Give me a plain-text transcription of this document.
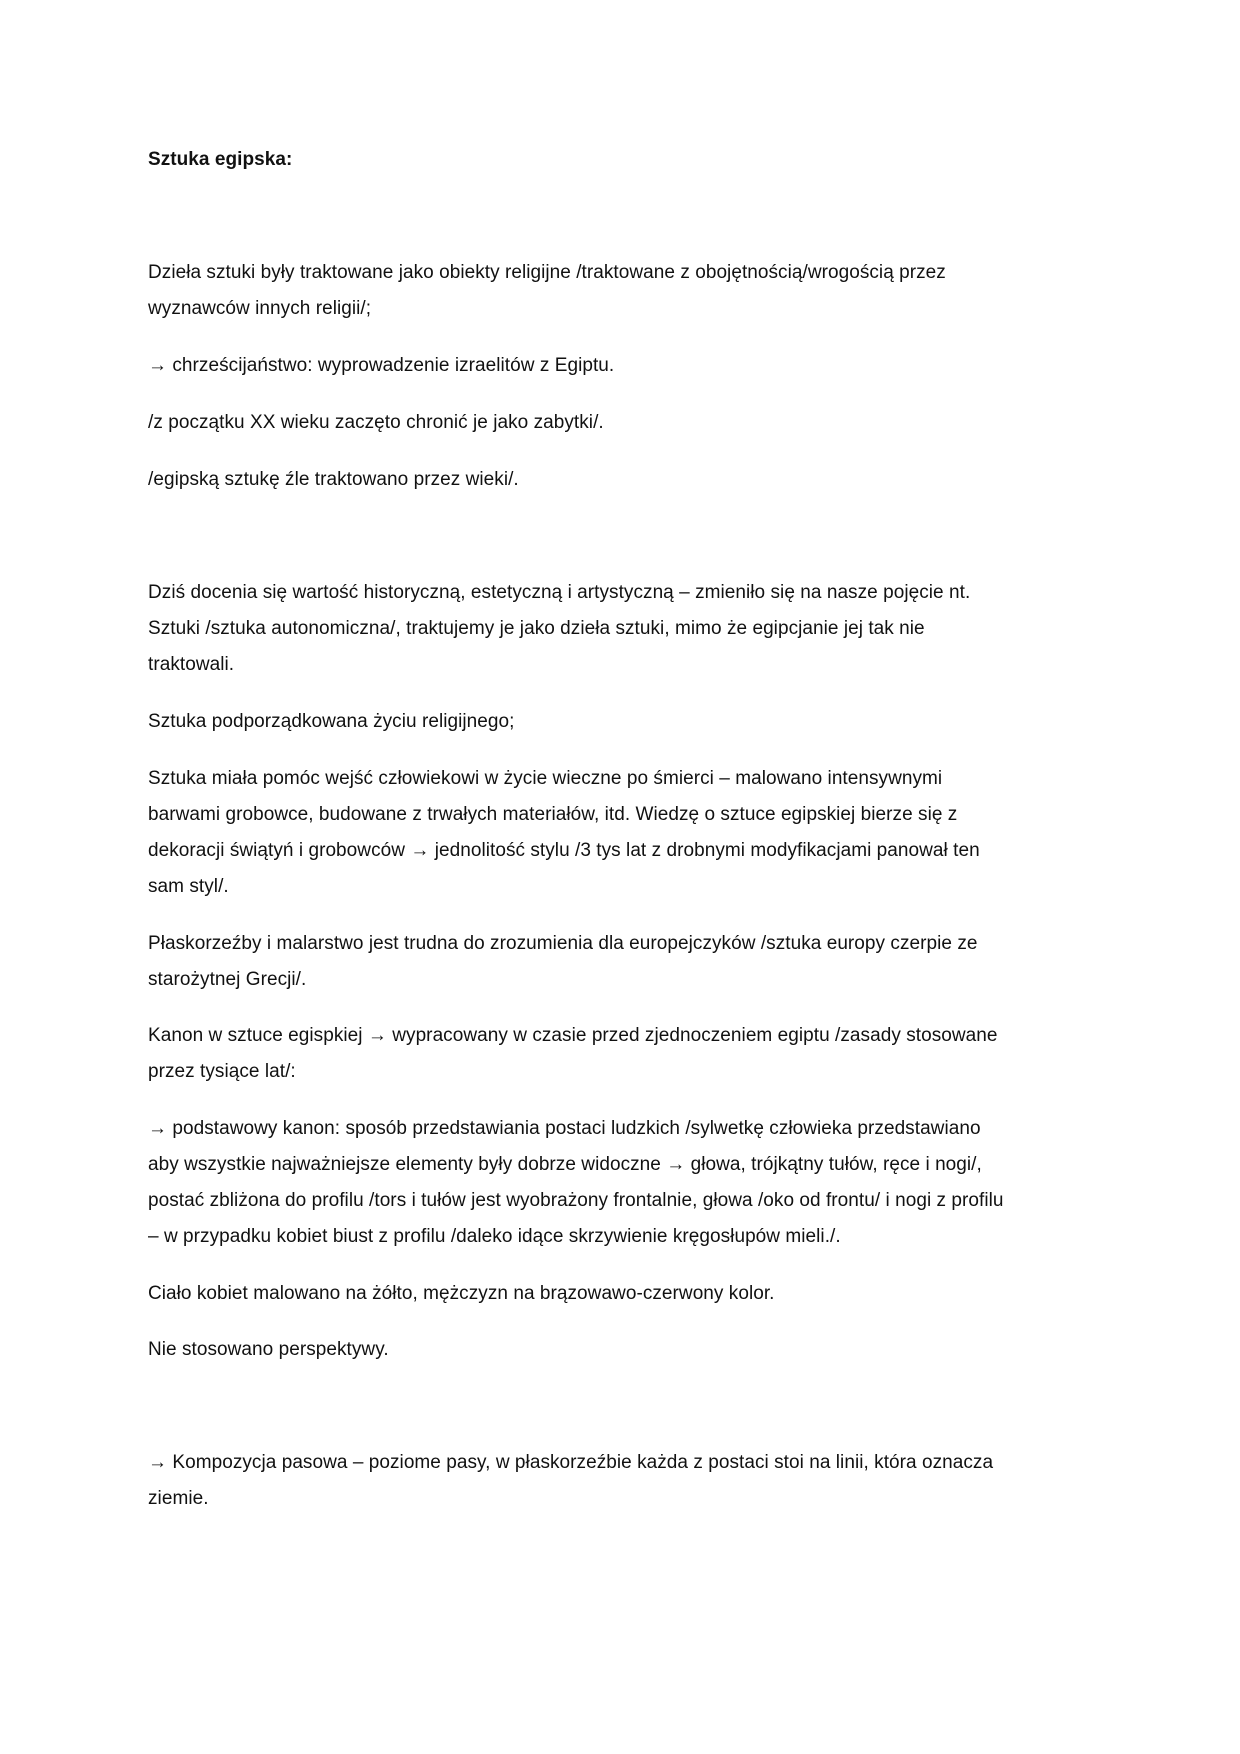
Sztuka egipska:

Dzieła sztuki były traktowane jako obiekty religijne /traktowane z obojętnością/wrogością przez

wyznawców innych religii/;

→ chrześcijaństwo: wyprowadzenie izraelitów z Egiptu.

/z początku XX wieku zaczęto chronić je jako zabytki/.

/egipską sztukę źle traktowano przez wieki/.

Dziś docenia się wartość historyczną, estetyczną i artystyczną – zmieniło się na nasze pojęcie nt.

Sztuki /sztuka autonomiczna/, traktujemy je jako dzieła sztuki, mimo że egipcjanie jej tak nie

traktowali.

Sztuka podporządkowana życiu religijnego;

Sztuka miała pomóc wejść człowiekowi w życie wieczne po śmierci – malowano intensywnymi

barwami grobowce, budowane z trwałych materiałów, itd. Wiedzę o sztuce egipskiej bierze się z

dekoracji świątyń i grobowców → jednolitość stylu /3 tys lat z drobnymi modyfikacjami panował ten

sam styl/.

Płaskorzeźby i malarstwo jest trudna do zrozumienia dla europejczyków /sztuka europy czerpie ze

starożytnej Grecji/.

Kanon w sztuce egispkiej → wypracowany w czasie przed zjednoczeniem egiptu /zasady stosowane

przez tysiące lat/:

→ podstawowy kanon: sposób przedstawiania postaci ludzkich /sylwetkę człowieka przedstawiano

aby wszystkie najważniejsze elementy były dobrze widoczne → głowa, trójkątny tułów, ręce i nogi/,

postać zbliżona do profilu /tors i tułów jest wyobrażony frontalnie, głowa /oko od frontu/ i nogi z profilu

– w przypadku kobiet biust z profilu /daleko idące skrzywienie kręgosłupów mieli./.

Ciało kobiet malowano na żółto, mężczyzn na brązowawo-czerwony kolor.

Nie stosowano perspektywy.

→ Kompozycja pasowa – poziome pasy, w płaskorzeźbie każda z postaci stoi na linii, która oznacza

ziemie.
